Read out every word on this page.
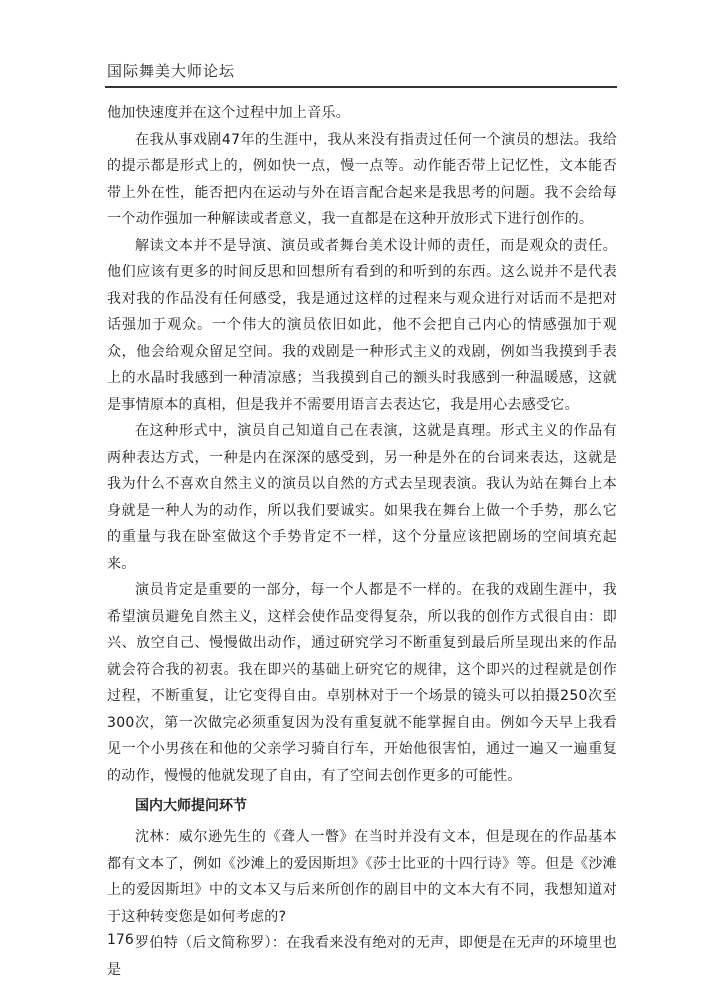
国际舞美大师论坛

他加快速度并在这个过程中加上音乐。

在我从事戏剧47年的生涯中，我从来没有指责过任何一个演员的想法。我给的提示都是形式上的，例如快一点，慢一点等。动作能否带上记忆性，文本能否带上外在性，能否把内在运动与外在语言配合起来是我思考的问题。我不会给每一个动作强加一种解读或者意义，我一直都是在这种开放形式下进行创作的。

解读文本并不是导演、演员或者舞台美术设计师的责任，而是观众的责任。他们应该有更多的时间反思和回想所有看到的和听到的东西。这么说并不是代表我对我的作品没有任何感受，我是通过这样的过程来与观众进行对话而不是把对话强加于观众。一个伟大的演员依旧如此，他不会把自己内心的情感强加于观众，他会给观众留足空间。我的戏剧是一种形式主义的戏剧，例如当我摸到手表上的水晶时我感到一种清凉感；当我摸到自己的额头时我感到一种温暖感，这就是事情原本的真相，但是我并不需要用语言去表达它，我是用心去感受它。

在这种形式中，演员自己知道自己在表演，这就是真理。形式主义的作品有两种表达方式，一种是内在深深的感受到，另一种是外在的台词来表达，这就是我为什么不喜欢自然主义的演员以自然的方式去呈现表演。我认为站在舞台上本身就是一种人为的动作，所以我们要诚实。如果我在舞台上做一个手势，那么它的重量与我在卧室做这个手势肯定不一样，这个分量应该把剧场的空间填充起来。

演员肯定是重要的一部分，每一个人都是不一样的。在我的戏剧生涯中，我希望演员避免自然主义，这样会使作品变得复杂，所以我的创作方式很自由：即兴、放空自己、慢慢做出动作，通过研究学习不断重复到最后所呈现出来的作品就会符合我的初衷。我在即兴的基础上研究它的规律，这个即兴的过程就是创作过程，不断重复，让它变得自由。卓别林对于一个场景的镜头可以拍摄250次至300次，第一次做完必须重复因为没有重复就不能掌握自由。例如今天早上我看见一个小男孩在和他的父亲学习骑自行车，开始他很害怕，通过一遍又一遍重复的动作，慢慢的他就发现了自由，有了空间去创作更多的可能性。

国内大师提问环节

沈林：威尔逊先生的《聋人一瞥》在当时并没有文本，但是现在的作品基本都有文本了，例如《沙滩上的爱因斯坦》《莎士比亚的十四行诗》等。但是《沙滩上的爱因斯坦》中的文本又与后来所创作的剧目中的文本大有不同，我想知道对于这种转变您是如何考虑的?

罗伯特（后文简称罗）：在我看来没有绝对的无声，即便是在无声的环境里也是

176
